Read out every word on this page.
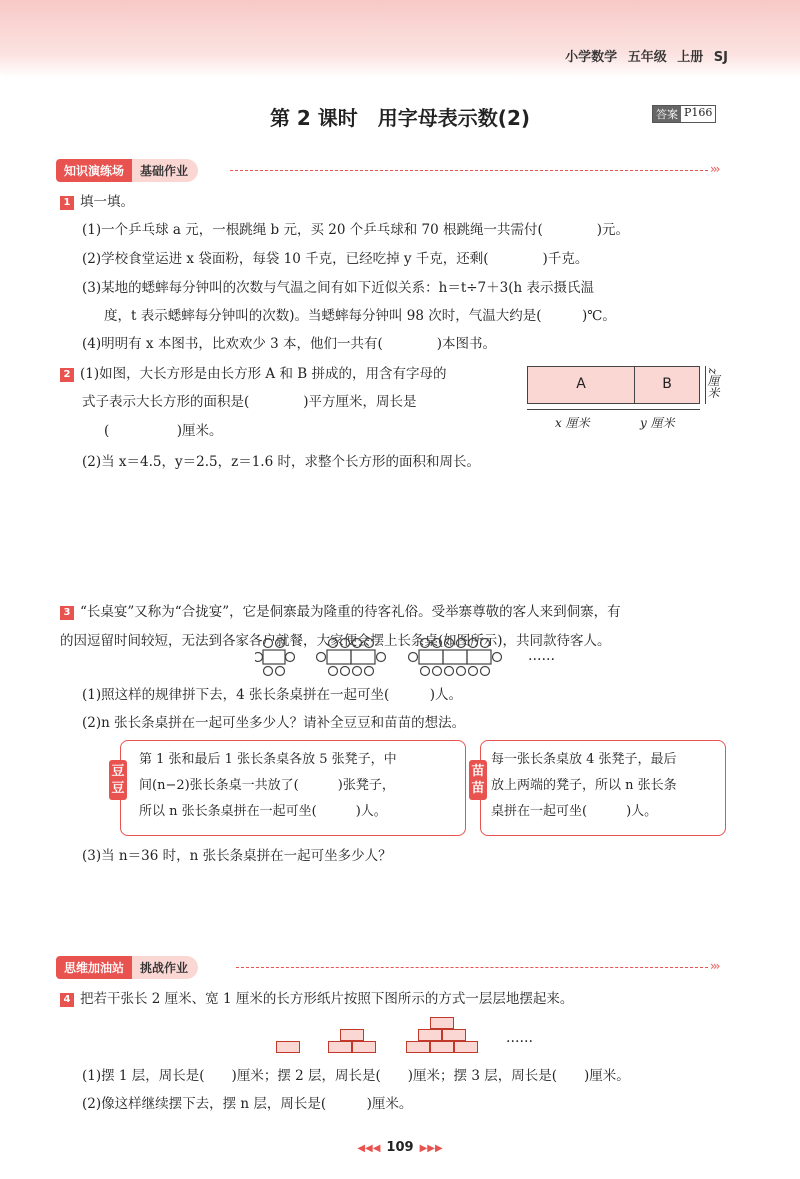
小学数学 五年级 上册 SJ
第 2 课时　用字母表示数(2)	答案 P166
知识演练场	基础作业	›››
1 填一填。
(1)一个乒乓球 a 元，一根跳绳 b 元，买 20 个乒乓球和 70 根跳绳一共需付(　　　　)元。
(2)学校食堂运进 x 袋面粉，每袋 10 千克，已经吃掉 y 千克，还剩(　　　　)千克。
(3)某地的蟋蟀每分钟叫的次数与气温之间有如下近似关系：h＝t÷7＋3(h 表示摄氏温
度，t 表示蟋蟀每分钟叫的次数)。当蟋蟀每分钟叫 98 次时，气温大约是(　　　)℃。
(4)明明有 x 本图书，比欢欢少 3 本，他们一共有(　　　　)本图书。
2 (1)如图，大长方形是由长方形 A 和 B 拼成的，用含有字母的
式子表示大长方形的面积是(　　　　)平方厘米，周长是
(　　　　　)厘米。
(2)当 x＝4.5，y＝2.5，z＝1.6 时，求整个长方形的面积和周长。
A	B
x 厘米	y 厘米
z厘米
3 “长桌宴”又称为“合拢宴”，它是侗寨最为隆重的待客礼俗。受举寨尊敬的客人来到侗寨，有
的因逗留时间较短，无法到各家各户就餐，大家便会摆上长条桌(如图所示)，共同款待客人。
……
(1)照这样的规律拼下去，4 张长条桌拼在一起可坐(　　　)人。
(2)n 张长条桌拼在一起可坐多少人？请补全豆豆和苗苗的想法。
第 1 张和最后 1 张长条桌各放 5 张凳子，中
间(n−2)张长条桌一共放了(　　　)张凳子，
所以 n 张长条桌拼在一起可坐(　　　)人。
豆豆
每一张长条桌放 4 张凳子，最后
放上两端的凳子，所以 n 张长条
桌拼在一起可坐(　　　)人。
苗苗
(3)当 n＝36 时，n 张长条桌拼在一起可坐多少人？
思维加油站	挑战作业	›››
4 把若干张长 2 厘米、宽 1 厘米的长方形纸片按照下图所示的方式一层层地摆起来。
……
(1)摆 1 层，周长是(　　)厘米；摆 2 层，周长是(　　)厘米；摆 3 层，周长是(　　)厘米。
(2)像这样继续摆下去，摆 n 层，周长是(　　　)厘米。
◀◀◀ 109 ▶▶▶
